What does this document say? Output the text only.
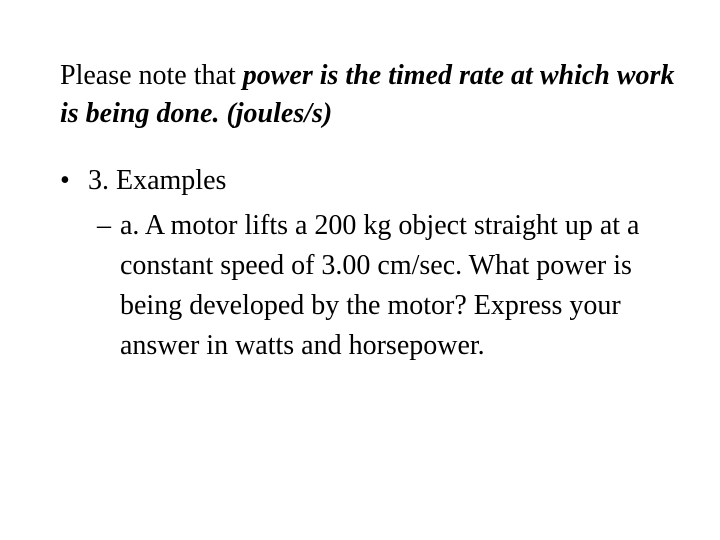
Please note that power is the timed rate at which work is being done. (joules/s)
• 3. Examples
– a. A motor lifts a 200 kg object straight up at a constant speed of 3.00 cm/sec. What power is being developed by the motor? Express your answer in watts and horsepower.
